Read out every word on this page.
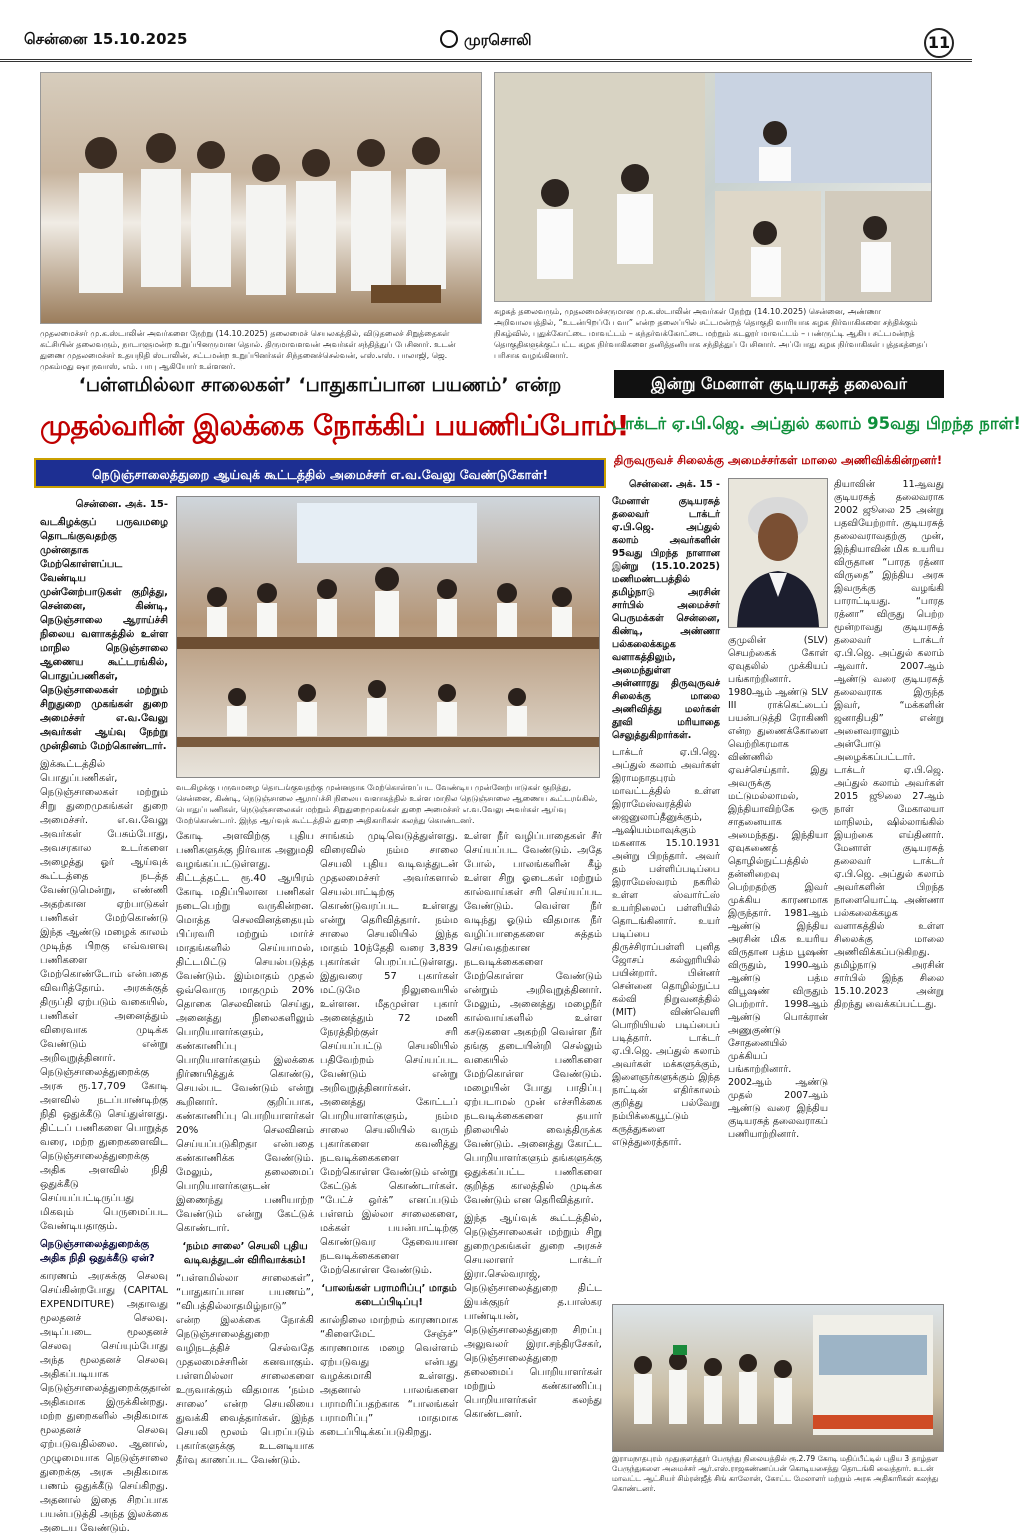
சென்னை 15.10.2025	முரசொலி	11
முதலமைச்சர் மு.க.ஸ்டாலின் அவர்களை நேற்று (14.10.2025) தலைமைச் செயலகத்தில், விடுதலைச் சிறுத்தைகள் கட்சியின் தலைவரும், நாடாளுமன்ற உறுப்பினருமான தொல். திருமாவளவன் அவர்கள் சந்தித்துப் பேசினார். உடன் துணை முதலமைச்சர் உதயநிதி ஸ்டாலின், சட்டமன்ற உறுப்பினர்கள் சிந்தனைச்செல்வன், எஸ்.எஸ். பாலாஜி, ஜெ. முகம்மது ஷா நவாஸ், எம். பாபு ஆகியோர் உள்ளனர்.
கழகத் தலைவரும், முதலமைச்சருமான மு.க.ஸ்டாலின் அவர்கள் நேற்று (14.10.2025) சென்னை, அண்ணா அறிவாலயத்தில், “உடன்பிறப்பே வா” என்ற தலைப்பில் சட்டமன்றத் தொகுதி வாரியாக கழக நிர்வாகிகளை சந்திக்கும் நிகழ்வில், புதுக்கோட்டை மாவட்டம் – கந்தர்வக்கோட்டை மற்றும் கடலூர் மாவட்டம் – பண்ருட்டி ஆகிய சட்டமன்றத் தொகுதிகளுக்குட்பட்ட கழக நிர்வாகிகளை தனித்தனியாக சந்தித்துப் பேசினார். அப்போது கழக நிர்வாகிகள் புத்தகத்தைப் பரிசாக வழங்கினார்.
‘பள்ளமில்லா சாலைகள்’ ‘பாதுகாப்பான பயணம்’ என்ற
முதல்வரின் இலக்கை நோக்கிப் பயணிப்போம்!
நெடுஞ்சாலைத்துறை ஆய்வுக் கூட்டத்தில் அமைச்சர் எ.வ.வேலு வேண்டுகோள்!
இன்று மேனாள் குடியரசுத் தலைவர்
டாக்டர் ஏ.பி.ஜெ. அப்துல் கலாம் 95வது பிறந்த நாள்!
திருவுருவச் சிலைக்கு அமைச்சர்கள் மாலை அணிவிக்கின்றனர்!

சென்னை. அக். 15-

வடகிழக்குப் பருவமழை தொடங்குவதற்கு முன்னதாக மேற்கொள்ளப்பட வேண்டிய முன்னேற்பாடுகள் குறித்து, சென்னை, கிண்டி, நெடுஞ்சாலை ஆராய்ச்சி நிலைய வளாகத்தில் உள்ள மாநில நெடுஞ்சாலை ஆணைய கூட்டரங்கில், பொதுப்பணிகள், நெடுஞ்சாலைகள் மற்றும் சிறுதுறை முகங்கள் துறை அமைச்சர் எ.வ.வேலு அவர்கள் ஆய்வு நேற்று முன்தினம் மேற்கொண்டார்.

இக்கூட்டத்தில் பொதுப்பணிகள், நெடுஞ்சாலைகள் மற்றும் சிறு துறைமுகங்கள் துறை அமைச்சர். எ.வ.வேலு அவர்கள் பேசும்போது, அவசரகால உடர்களை அழைத்து ஓர் ஆய்வுக் கூட்டத்தை நடத்த வேண்டுமென்று, எண்ணி அதற்கான ஏற்பாடுகள் பணிகள் மேற்கொண்டு இந்த ஆண்டு மழைக் காலம் முடிந்த பிறகு எவ்வளவு பணிகளை மேற்கொண்டோம் என்பதை விவரித்தோம். அரசுக்குத் திருப்தி ஏற்படும் வகையில், பணிகள் அனைத்தும் விரைவாக முடிக்க வேண்டும் என்று அறிவுறுத்தினார். நெடுஞ்சாலைத்துறைக்கு அரசு ரூ.17,709 கோடி அளவில் நடப்பாண்டிற்கு நிதி ஒதுக்கீடு செய்துள்ளது. திட்டப் பணிகளை பொறுத்த வரை, மற்ற துறைகளைவிட நெடுஞ்சாலைத்துறைக்கு அதிக அளவில் நிதி ஒதுக்கீடு செய்யப்பட்டிருப்பது மிகவும் பெருமைப்பட வேண்டியதாகும்.

நெடுஞ்சாலைத்துறைக்கு அதிக நிதி ஒதுக்கீடு ஏன்?

காரணம் அரசுக்கு செலவு செய்கின்றபோது (CAPITAL EXPENDITURE) அதாவது மூலதனச் செலவு. அடிப்படை மூலதனச் செலவு செய்யும்போது அந்த மூலதனச் செலவு அதிகப்படியாக நெடுஞ்சாலைத்துறைக்குதான் அதிகமாக இருக்கின்றது. மற்ற துறைகளில் அதிகமாக மூலதனச் செலவு ஏற்படுவதில்லை. ஆனால், முழுமையாக நெடுஞ்சாலை துறைக்கு அரசு அதிகமாக பணம் ஒதுக்கீடு செய்கிறது. அதனால் இதை சிறப்பாக பயன்படுத்தி அந்த இலக்கை அடைய வேண்டும்.

வடகிழக்கு பருவமழை தொடங்குவதற்கு முன்னதாக மேற்கொள்ளப்பட வேண்டிய முன்னேற்பாடுகள் குறித்து, சென்னை, கிண்டி, நெடுஞ்சாலை ஆராய்ச்சி நிலைய வளாகத்தில் உள்ள மாநில நெடுஞ்சாலை ஆணைய கூட்டரங்கில், பொதுப்பணிகள், நெடுஞ்சாலைகள் மற்றும் சிறுதுறைமுகங்கள் துறை அமைச்சர் எ.வ.வேலு அவர்கள் ஆய்வு மேற்கொண்டார். இந்த ஆய்வுக் கூட்டத்தில் துறை அதிகாரிகள் கலந்து கொண்டனர்.

கோடி அளவிற்கு புதிய பணிகளுக்கு நிர்வாக அனுமதி வழங்கப்பட்டுள்ளது. கிட்டத்தட்ட ரூ.40 ஆயிரம் கோடி மதிப்பிலான பணிகள் நடைபெற்று வருகின்றன. மொத்த செலவினத்தையும் பிப்ரவரி மற்றும் மார்ச் மாதங்களில் செய்யாமல், திட்டமிட்டு செயல்படுத்த வேண்டும். இம்மாதம் முதல் ஒவ்வொரு மாதமும் 20% தொகை செலவினம் செய்து, அனைத்து நிலைகளிலும் பொறியாளர்களும், கண்காணிப்பு பொறியாளர்களும் இலக்கை நிர்ணயித்துக் கொண்டு, செயல்பட வேண்டும் என்று கூறினார். குறிப்பாக, கண்காணிப்பு பொறியாளர்கள் 20% செலவினம் செய்யப்படுகிறதா என்பதை கண்காணிக்க வேண்டும். மேலும், தலைமைப் பொறியாளர்களுடன் இணைந்து பணியாற்ற வேண்டும் என்று கேட்டுக் கொண்டார்.

‘நம்ம சாலை’ செயலி புதிய வடிவத்துடன் விரிவாக்கம்!

“பள்ளமில்லா சாலைகள்”, “பாதுகாப்பான பயணம்”, “விபத்தில்லாதமிழ்நாடு” என்ற இலக்கை நோக்கி நெடுஞ்சாலைத்துறை வழிநடத்திச் செல்வதே முதலமைச்சரின் கனவாகும். பள்ளமில்லா சாலைகளை உருவாக்கும் விதமாக ‘நம்ம சாலை’ என்ற செயலியை துவக்கி வைத்தார்கள். இந்த செயலி மூலம் பெறப்படும் புகார்களுக்கு உடனடியாக தீர்வு காணப்பட வேண்டும்.

சாங்கம் முடிவெடுத்துள்ளது. விரைவில் நம்ம சாலை செயலி புதிய வடிவத்துடன் முதலமைச்சர் அவர்களால் செயல்பாட்டிற்கு கொண்டுவரப்பட உள்ளது என்று தெரிவித்தார். நம்ம சாலை செயலியில் இந்த மாதம் 10ந்தேதி வரை 3,839 புகார்கள் பெறப்பட்டுள்ளது. இதுவரை 57 புகார்கள் மட்டுமே நிலுவையில் உள்ளன. மீதமுள்ள புகார் அனைத்தும் 72 மணி நேரத்திற்குள் சரி செய்யப்பட்டு செயலியில் பதிவேற்றம் செய்யப்பட வேண்டும் என்று அறிவுறுத்தினார்கள். அனைத்து கோட்டப் பொறியாளர்களும், நம்ம சாலை செயலியில் வரும் புகார்களை கவனித்து நடவடிக்கைகளை மேற்கொள்ள வேண்டும் என்று கேட்டுக் கொண்டார்கள். “பேட்ச் ஒர்க்” எனப்படும் பள்ளம் இல்லா சாலைகளை, மக்கள் பயன்பாட்டிற்கு கொண்டுவர தேவையான நடவடிக்கைகளை மேற்கொள்ள வேண்டும்.

‘பாலங்கள் பராமரிப்பு’ மாதம் கடைப்பிடிப்பு!

கால்நிலை மாற்றம் காரணமாக “கிளைமேட் சேஞ்ச்” காரணமாக மழை வெள்ளம் ஏற்படுவது என்பது வழக்கமாகி உள்ளது. அதனால் பாலங்களை பராமரிப்பதற்காக “பாலங்கள் பராமரிப்பு” மாதமாக கடைப்பிடிக்கப்படுகிறது.

உள்ள நீர் வழிப்பாதைகள் சீர் செய்யப்பட வேண்டும். அதே போல், பாலங்களின் கீழ் உள்ள சிறு ஓடைகள் மற்றும் கால்வாய்கள் சரி செய்யப்பட வேண்டும். வெள்ள நீர் வடிந்து ஓடும் விதமாக நீர் வழிப்பாதைகளை சுத்தம் செய்வதற்கான நடவடிக்கைகளை மேற்கொள்ள வேண்டும் என்றும் அறிவுறுத்தினார். மேலும், அனைத்து மழைநீர் கால்வாய்களில் உள்ள கசடுகளை அகற்றி வெள்ள நீர் தங்கு தடையின்றி செல்லும் வகையில் பணிகளை மேற்கொள்ள வேண்டும். மழையின் போது பாதிப்பு ஏற்படாமல் முன் எச்சரிக்கை நடவடிக்கைகளை தயார் நிலையில் வைத்திருக்க வேண்டும். அனைத்து கோட்ட பொறியாளர்களும் தங்களுக்கு ஒதுக்கப்பட்ட பணிகளை குறித்த காலத்தில் முடிக்க வேண்டும் என தெரிவித்தார்.

இந்த ஆய்வுக் கூட்டத்தில், நெடுஞ்சாலைகள் மற்றும் சிறு துறைமுகங்கள் துறை அரசுச் செயலாளர் டாக்டர் இரா.செல்வராஜ், நெடுஞ்சாலைத்துறை திட்ட இயக்குநர் த.பாஸ்கர பாண்டியன், நெடுஞ்சாலைத்துறை சிறப்பு அலுவலர் இரா.சந்திரசேகர், நெடுஞ்சாலைத்துறை தலைமைப் பொறியாளர்கள் மற்றும் கண்காணிப்பு பொறியாளர்கள் கலந்து கொண்டனர்.

சென்னை. அக். 15 -

மேனாள் குடியரசுத் தலைவர் டாக்டர் ஏ.பி.ஜெ. அப்துல் கலாம் அவர்களின் 95வது பிறந்த நாளான இன்று (15.10.2025) மணிமண்டபத்தில் தமிழ்நாடு அரசின் சார்பில் அமைச்சர் பெருமக்கள் சென்னை, கிண்டி, அண்ணா பல்கலைக்கழக வளாகத்திலும், அமைந்துள்ள அன்னாரது திருவுருவச் சிலைக்கு மாலை அணிவித்து மலர்கள் தூவி மரியாதை செலுத்துகிறார்கள்.

டாக்டர் ஏ.பி.ஜெ. அப்துல் கலாம் அவர்கள் இராமநாதபுரம் மாவட்டத்தில் உள்ள இராமேஸ்வரத்தில் ஜைனுலாப்தீனுக்கும், ஆஷியம்மாவுக்கும் மகனாக 15.10.1931 அன்று பிறந்தார். அவர் தம் பள்ளிப்படிப்பை இராமேஸ்வரம் நகரில் உள்ள ஸ்வார்ட்ஸ் உயர்நிலைப் பள்ளியில் தொடங்கினார். உயர் படிப்பை திருச்சிராப்பள்ளி புனித ஜோசப் கல்லூரியில் பயின்றார். பின்னர் சென்னை தொழில்நுட்ப கல்வி நிறுவனத்தில் (MIT) விண்வெளி பொறியியல் படிப்பைப் படித்தார். டாக்டர் ஏ.பி.ஜெ. அப்துல் கலாம் அவர்கள் மக்களுக்கும், இளைஞர்களுக்கும் இந்த நாட்டின் எதிர்காலம் குறித்து பல்வேறு நம்பிக்கையூட்டும் கருத்துகளை எடுத்துரைத்தார்.

குமுலின் (SLV) செயற்கைக் கோள் ஏவுதலில் முக்கியப் பங்காற்றினார். 1980ஆம் ஆண்டு SLV III ராக்கெட்டைப் பயன்படுத்தி ரோகிணி என்ற துணைக்கோளை வெற்றிகரமாக விண்ணில் ஏவச்செய்தார். இது அவருக்கு மட்டுமல்லாமல், இந்தியாவிற்கே ஒரு சாதனையாக அமைந்தது. இந்தியா ஏவுகணைத் தொழில்நுட்பத்தில் தன்னிறைவு பெற்றதற்கு இவர் முக்கிய காரணமாக இருந்தார். 1981ஆம் ஆண்டு இந்திய அரசின் மிக உயரிய விருதான பத்ம பூஷண் விருதும், 1990ஆம் ஆண்டு பத்ம விபூஷண் விருதும் பெற்றார். 1998ஆம் ஆண்டு பொக்ரான் அணுகுண்டு சோதனையில் முக்கியப் பங்காற்றினார். 2002ஆம் ஆண்டு முதல் 2007ஆம் ஆண்டு வரை இந்திய குடியரசுத் தலைவராகப் பணியாற்றினார்.

தியாவின் 11ஆவது குடியரசுத் தலைவராக 2002 ஜூலை 25 அன்று பதவியேற்றார். குடியரசுத் தலைவராவதற்கு முன், இந்தியாவின் மிக உயரிய விருதான “பாரத ரத்னா விருதை” இந்திய அரசு இவருக்கு வழங்கி பாராட்டியது. “பாரத ரத்னா” விருது பெற்ற மூன்றாவது குடியரசுத் தலைவர் டாக்டர் ஏ.பி.ஜெ. அப்துல் கலாம் ஆவார். 2007ஆம் ஆண்டு வரை குடியரசுத் தலைவராக இருந்த இவர், “மக்களின் ஜனாதிபதி” என்று அனைவராலும் அன்போடு அழைக்கப்பட்டார். டாக்டர் ஏ.பி.ஜெ. அப்துல் கலாம் அவர்கள் 2015 ஜூலை 27ஆம் நாள் மேகாலயா மாநிலம், ஷில்லாங்கில் இயற்கை எய்தினார். மேனாள் குடியரசுத் தலைவர் டாக்டர் ஏ.பி.ஜெ. அப்துல் கலாம் அவர்களின் பிறந்த நாளையொட்டி அண்ணா பல்கலைக்கழக வளாகத்தில் உள்ள சிலைக்கு மாலை அணிவிக்கப்படுகிறது. தமிழ்நாடு அரசின் சார்பில் இந்த சிலை 15.10.2023 அன்று திறந்து வைக்கப்பட்டது.

இராமநாதபுரம் முதுகுளத்தூர் பேருந்து நிலையத்தில் ரூ.2.79 கோடி மதிப்பீட்டில் புதிய 3 தாழ்தள பேருந்துகளை அமைச்சர் ஆர்.எஸ்.ராஜகண்ணப்பன் கொடியசைத்து தொடங்கி வைத்தார். உடன் மாவட்ட ஆட்சியர் சிம்ரன்ஜீத் சிங் காலோன், கோட்ட மேலாளர் மற்றும் அரசு அதிகாரிகள் கலந்து கொண்டனர்.
